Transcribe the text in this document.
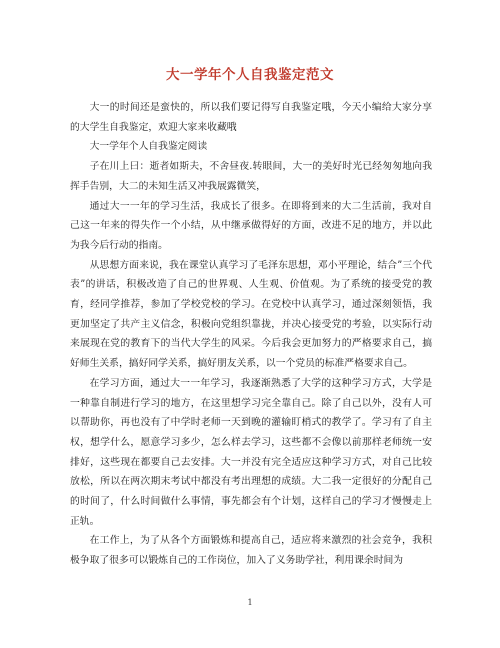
大一学年个人自我鉴定范文

大一的时间还是蛮快的，所以我们要记得写自我鉴定哦，今天小编给大家分享的大学生自我鉴定，欢迎大家来收藏哦

大一学年个人自我鉴定阅读

子在川上曰：逝者如斯夫，不舍昼夜.转眼间，大一的美好时光已经匆匆地向我挥手告别，大二的未知生活又冲我展露微笑，

通过大一一年的学习生活，我成长了很多。在即将到来的大二生活前，我对自己这一年来的得失作一个小结，从中继承做得好的方面，改进不足的地方，并以此为我今后行动的指南。

从思想方面来说，我在课堂认真学习了毛泽东思想，邓小平理论，结合”三个代表”的讲话，积极改造了自己的世界观、人生观、价值观。为了系统的接受党的教育，经同学推荐，参加了学校党校的学习。在党校中认真学习，通过深刻领悟，我更加坚定了共产主义信念，积极向党组织靠拢，并决心接受党的考验，以实际行动来展现在党的教育下的当代大学生的风采。今后我会更加努力的严格要求自己，搞好师生关系，搞好同学关系，搞好朋友关系，以一个党员的标准严格要求自己。

在学习方面，通过大一一年学习，我逐渐熟悉了大学的这种学习方式，大学是一种靠自制进行学习的地方，在这里想学习完全靠自己。除了自己以外，没有人可以帮助你，再也没有了中学时老师一天到晚的灌输盯梢式的教学了。学习有了自主权，想学什么，愿意学习多少，怎么样去学习，这些都不会像以前那样老师统一安排好，这些现在都要自己去安排。大一并没有完全适应这种学习方式，对自己比较放松，所以在两次期末考试中都没有考出理想的成绩。大二我一定很好的分配自己的时间了，什么时间做什么事情，事先都会有个计划，这样自己的学习才慢慢走上正轨。

在工作上，为了从各个方面锻炼和提高自己，适应将来激烈的社会竞争，我积极争取了很多可以锻炼自己的工作岗位，加入了义务助学社，利用课余时间为

1
